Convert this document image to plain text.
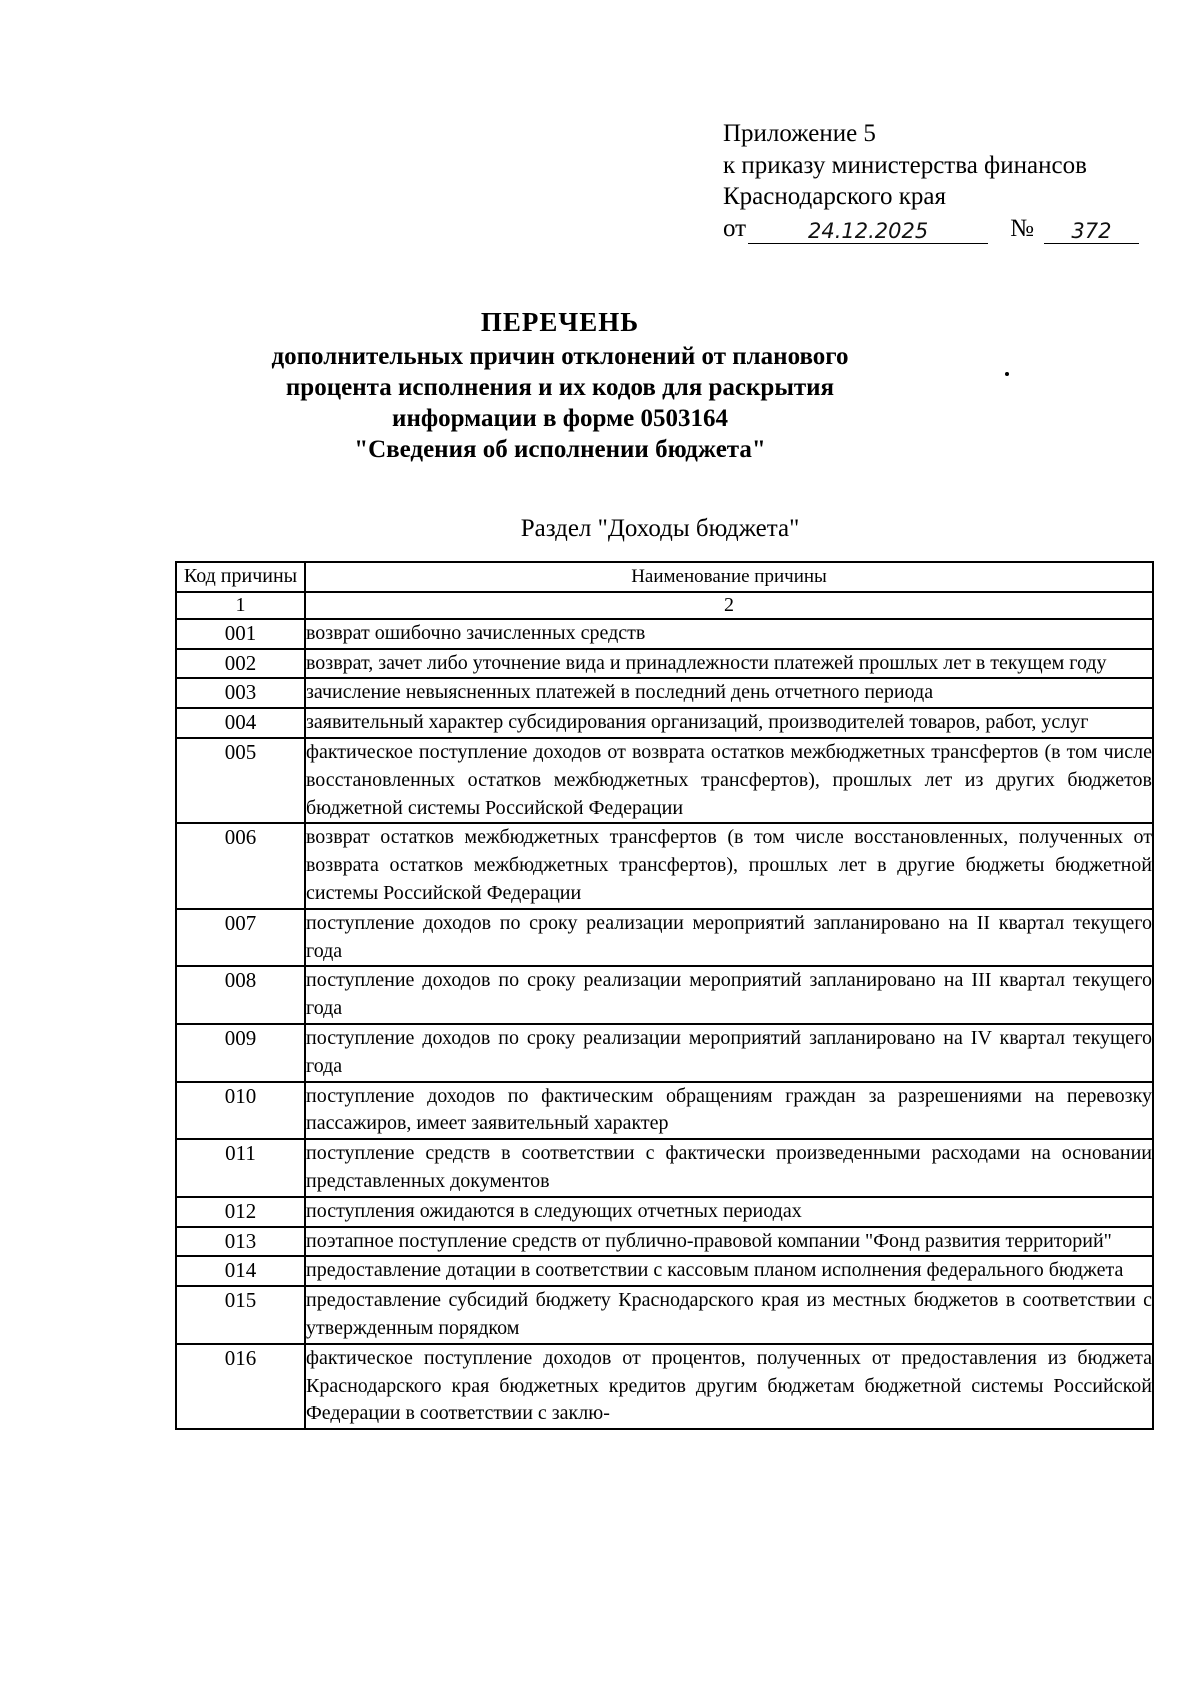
Приложение 5
к приказу министерства финансов
Краснодарского края
от	24.12.2025	№	372
ПЕРЕЧЕНЬ
дополнительных причин отклонений от планового
процента исполнения и их кодов для раскрытия
информации в форме 0503164
"Сведения об исполнении бюджета"
Раздел "Доходы бюджета"
Код причины	Наименование причины
1	2
001	возврат ошибочно зачисленных средств
002	возврат, зачет либо уточнение вида и принадлежности платежей прошлых лет в текущем году
003	зачисление невыясненных платежей в последний день отчетного периода
004	заявительный характер субсидирования организаций, производителей товаров, работ, услуг
005	фактическое поступление доходов от возврата остатков межбюджетных трансфертов (в том числе восстановленных остатков межбюджетных трансфертов), прошлых лет из других бюджетов бюджетной системы Российской Федерации
006	возврат остатков межбюджетных трансфертов (в том числе восстановленных, полученных от возврата остатков межбюджетных трансфертов), прошлых лет в другие бюджеты бюджетной системы Российской Федерации
007	поступление доходов по сроку реализации мероприятий запланировано на II квартал текущего года
008	поступление доходов по сроку реализации мероприятий запланировано на III квартал текущего года
009	поступление доходов по сроку реализации мероприятий запланировано на IV квартал текущего года
010	поступление доходов по фактическим обращениям граждан за разрешениями на перевозку пассажиров, имеет заявительный характер
011	поступление средств в соответствии с фактически произведенными расходами на основании представленных документов
012	поступления ожидаются в следующих отчетных периодах
013	поэтапное поступление средств от публично-правовой компании "Фонд развития территорий"
014	предоставление дотации в соответствии с кассовым планом исполнения федерального бюджета
015	предоставление субсидий бюджету Краснодарского края из местных бюджетов в соответствии с утвержденным порядком
016	фактическое поступление доходов от процентов, полученных от предоставления из бюджета Краснодарского края бюджетных кредитов другим бюджетам бюджетной системы Российской Федерации в соответствии с заклю-
